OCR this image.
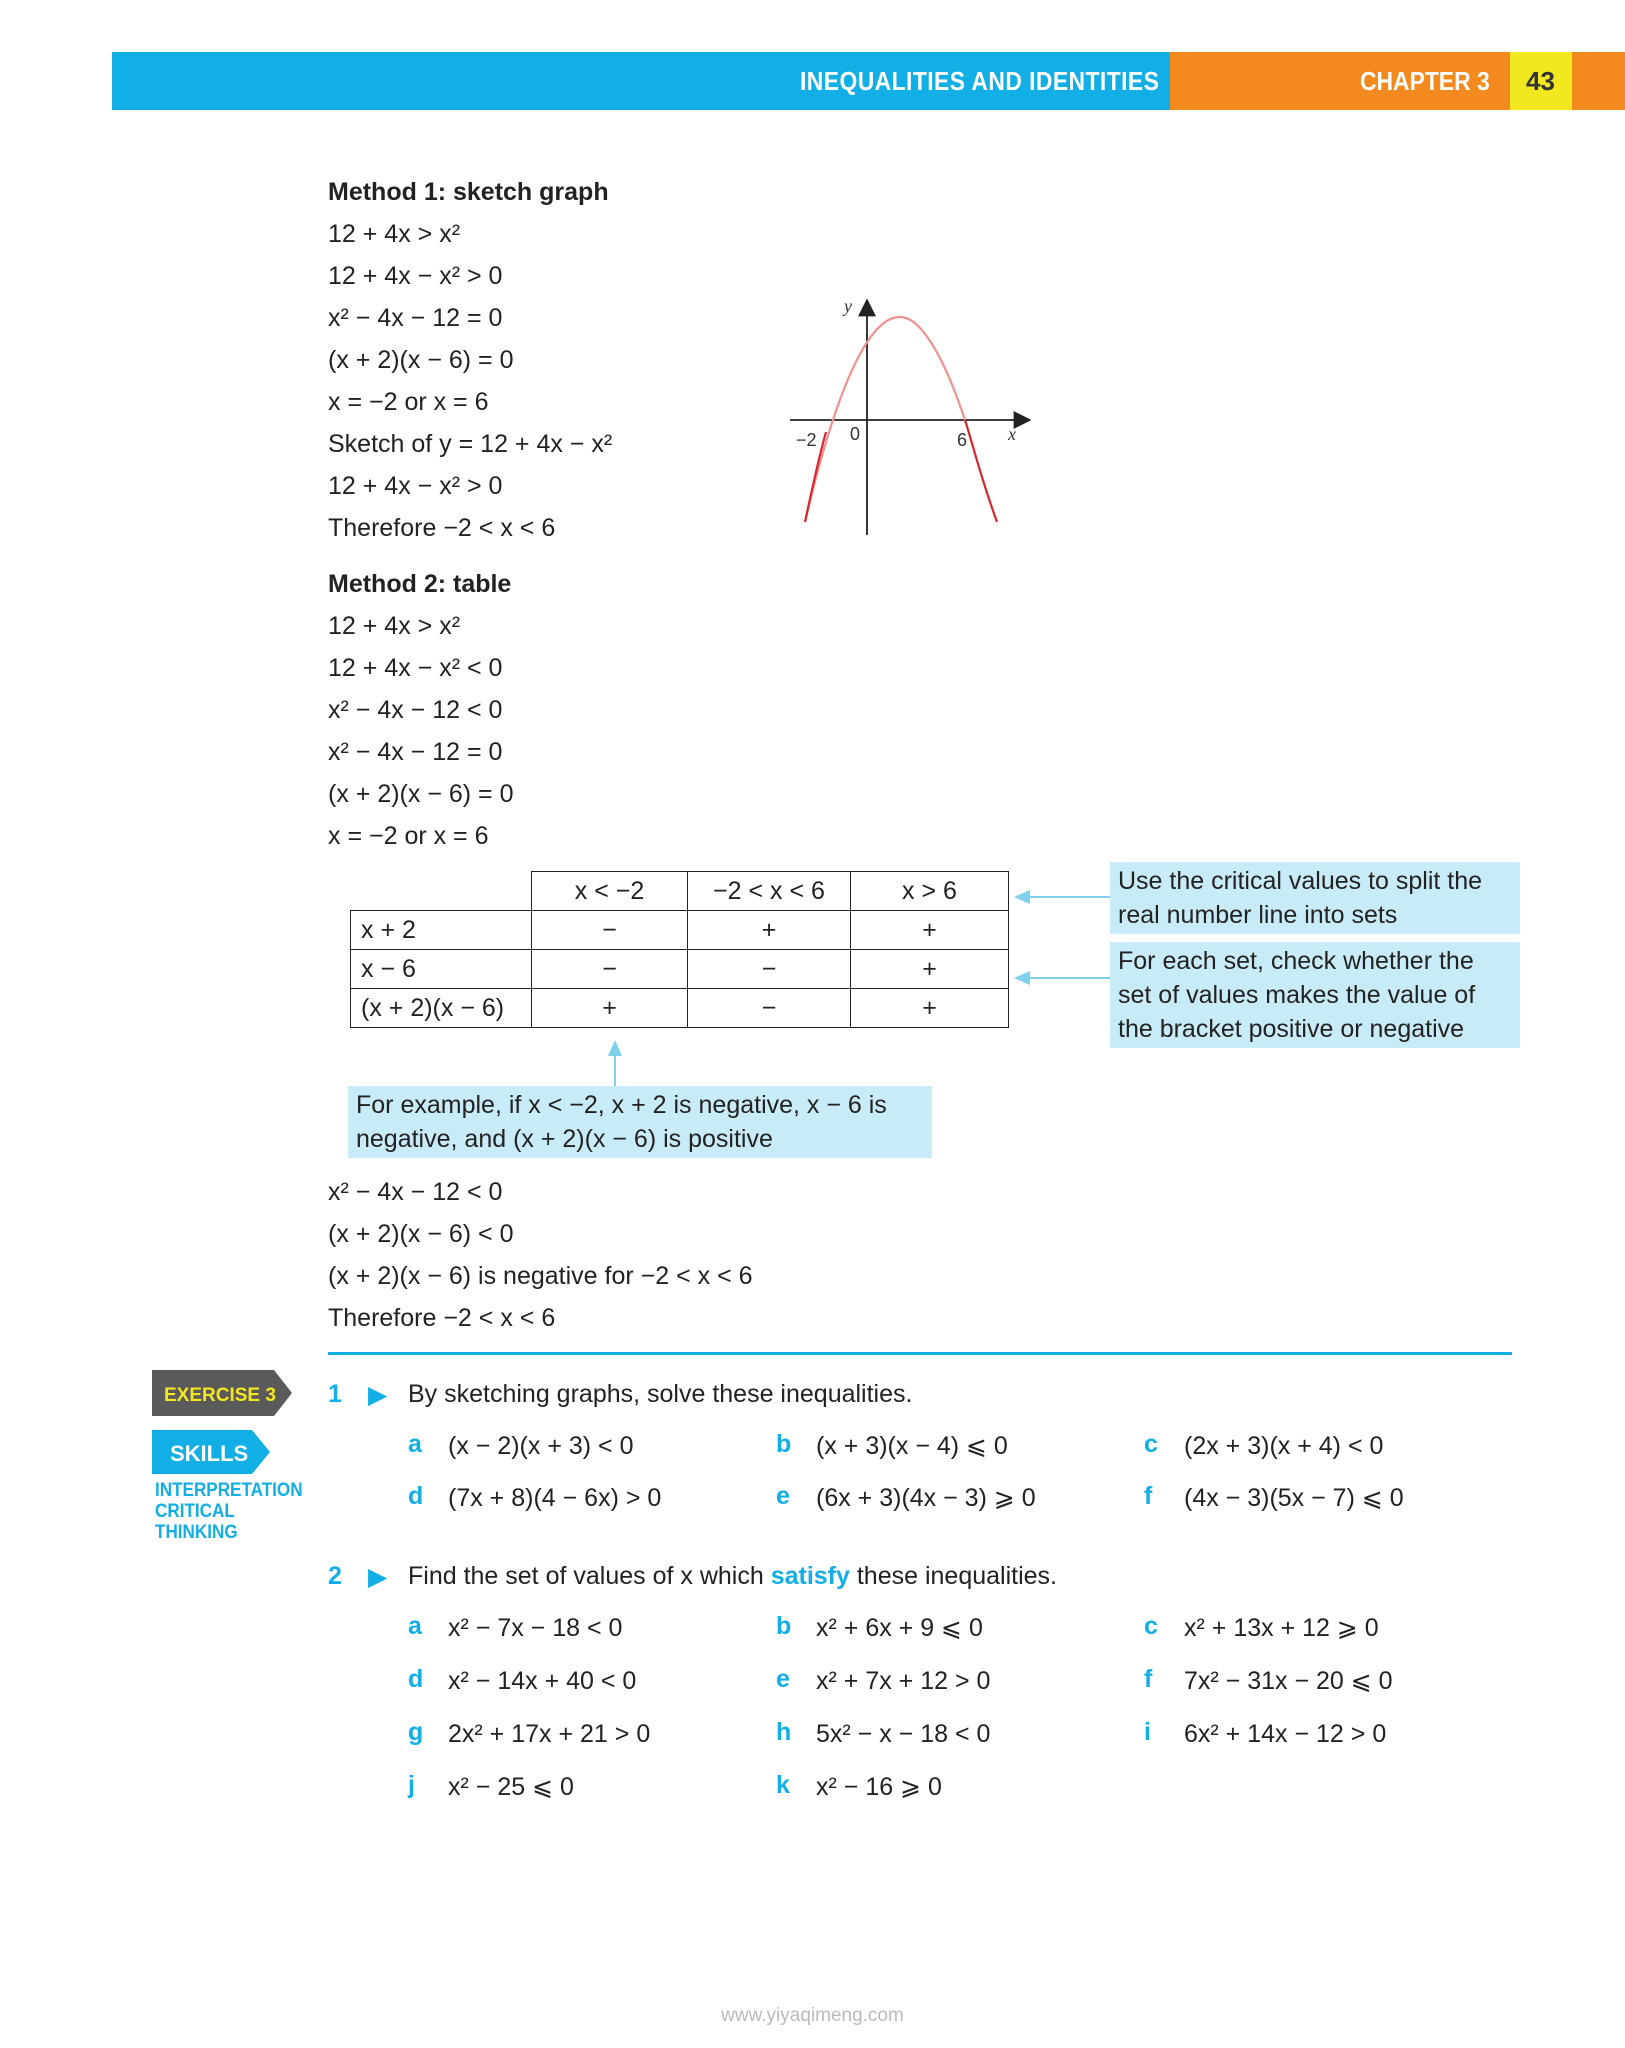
INEQUALITIES AND IDENTITIES	CHAPTER 3 43
Method 1: sketch graph
12 + 4x > x²
12 + 4x − x² > 0
x² − 4x − 12 = 0
(x + 2)(x − 6) = 0
x = −2 or x = 6
Sketch of y = 12 + 4x − x²
12 + 4x − x² > 0
Therefore −2 < x < 6
y
x
0
−2	6
Method 2: table
12 + 4x > x²
12 + 4x − x² < 0
x² − 4x − 12 < 0
x² − 4x − 12 = 0
(x + 2)(x − 6) = 0
x = −2 or x = 6
	x < −2	−2 < x < 6	x > 6
x + 2	−	+	+
x − 6	−	−	+
(x + 2)(x − 6)	+	−	+
Use the critical values to split the real number line into sets
For each set, check whether the set of values makes the value of the bracket positive or negative
For example, if x < −2, x + 2 is negative, x − 6 is negative, and (x + 2)(x − 6) is positive
x² − 4x − 12 < 0
(x + 2)(x − 6) < 0
(x + 2)(x − 6) is negative for −2 < x < 6
Therefore −2 < x < 6
EXERCISE 3
SKILLS
INTERPRETATION
CRITICAL
THINKING
1 ▶ By sketching graphs, solve these inequalities.
a	(x − 2)(x + 3) < 0	b (x + 3)(x − 4) ⩽ 0	c	(2x + 3)(x + 4) < 0
d (7x + 8)(4 − 6x) > 0	e	(6x + 3)(4x − 3) ⩾ 0	f	(4x − 3)(5x − 7) ⩽ 0
2 ▶ Find the set of values of x which satisfy these inequalities.
a	x² − 7x − 18 < 0	b x² + 6x + 9 ⩽ 0	c	x² + 13x + 12 ⩾ 0
d x² − 14x + 40 < 0	e	x² + 7x + 12 > 0	f	7x² − 31x − 20 ⩽ 0
g 2x² + 17x + 21 > 0	h 5x² − x − 18 < 0	i	6x² + 14x − 12 > 0
j	x² − 25 ⩽ 0	k	x² − 16 ⩾ 0
www.yiyaqimeng.com
